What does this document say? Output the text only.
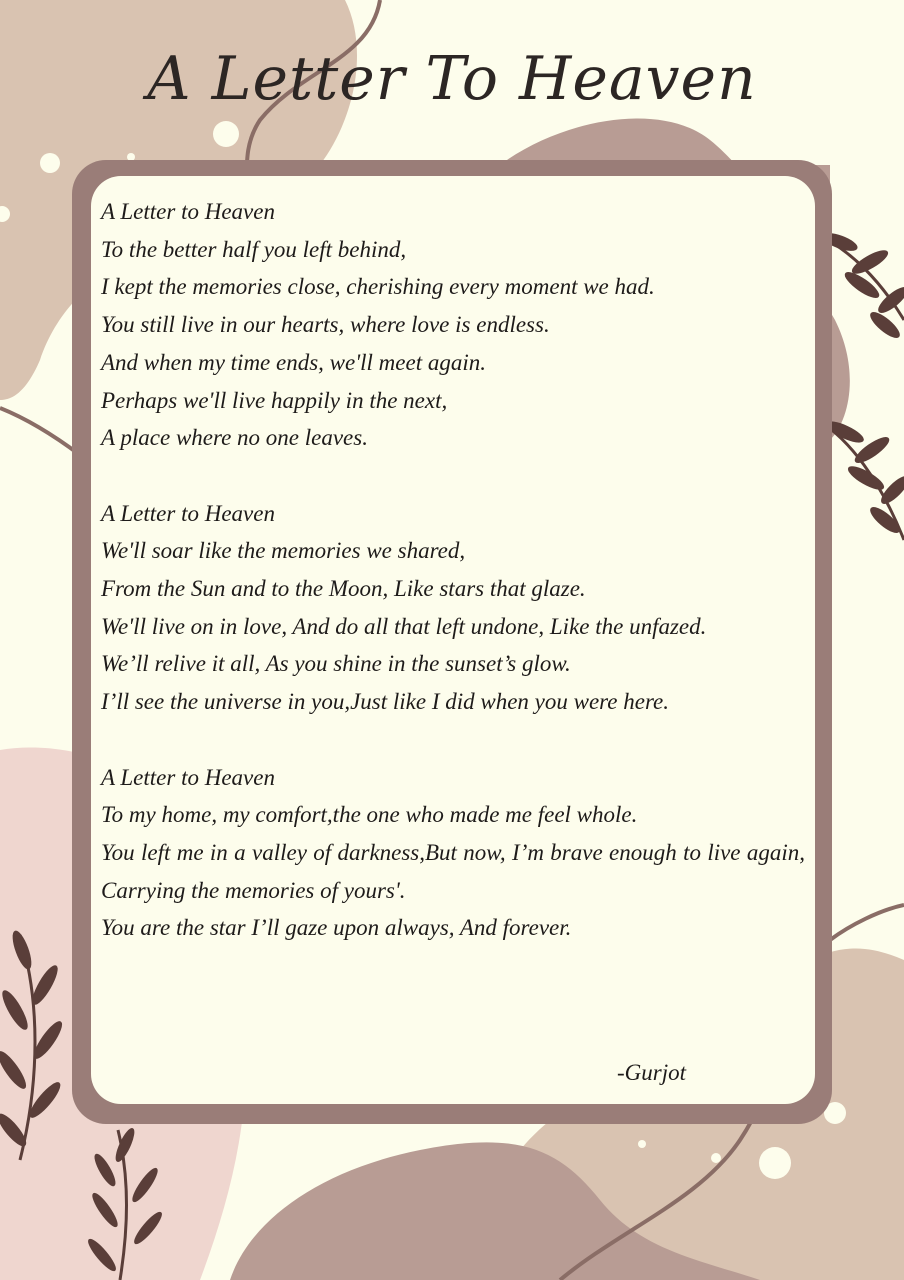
A Letter To Heaven
A Letter to Heaven
To the better half you left behind,
I kept the memories close, cherishing every moment we had.
You still live in our hearts, where love is endless.
And when my time ends, we'll meet again.
Perhaps we'll live happily in the next,
A place where no one leaves.
A Letter to Heaven
We'll soar like the memories we shared,
From the Sun and to the Moon, Like stars that glaze.
We'll live on in love, And do all that left undone, Like the unfazed.
We’ll relive it all, As you shine in the sunset’s glow.
I’ll see the universe in you,Just like I did when you were here.
A Letter to Heaven
To my home, my comfort,the one who made me feel whole.
You left me in a valley of darkness,But now, I’m brave enough to live again, Carrying the memories of yours'.
You are the star I’ll gaze upon always, And forever.
-Gurjot
